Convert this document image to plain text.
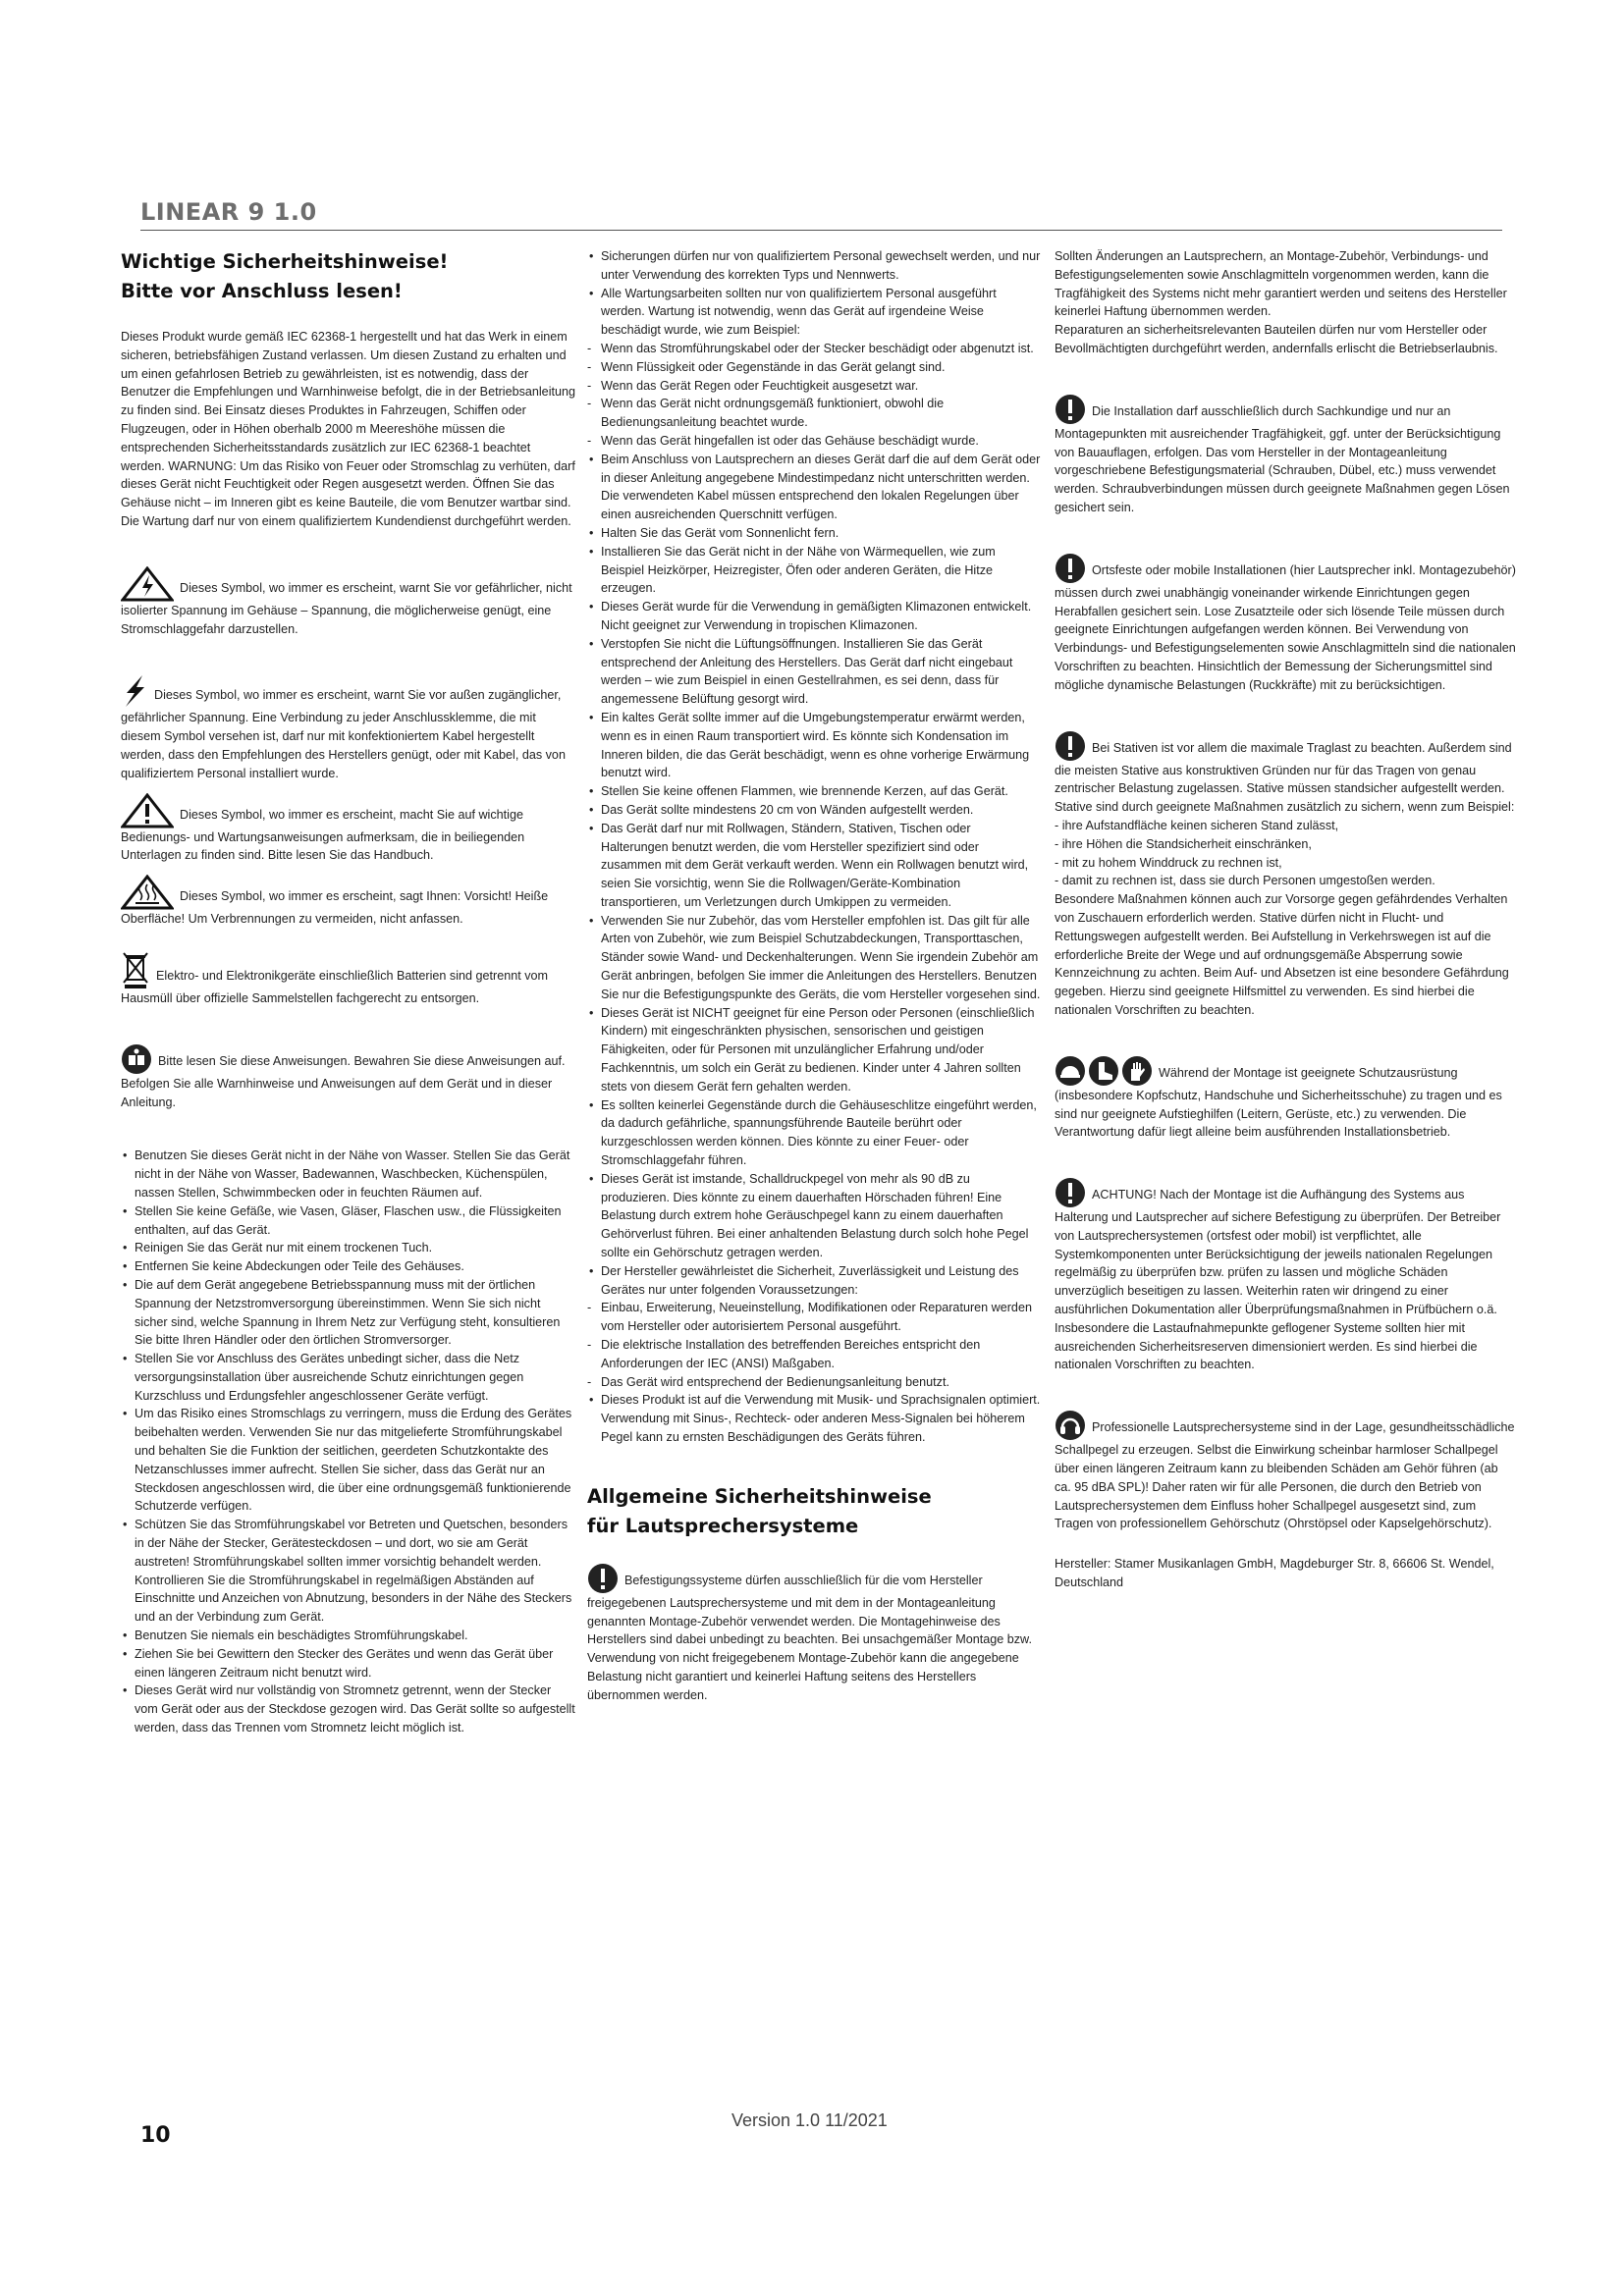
LINEAR 9 1.0
Wichtige Sicherheitshinweise!
Bitte vor Anschluss lesen!

Dieses Produkt wurde gemäß IEC 62368-1 hergestellt und hat das Werk in einem sicheren, betriebsfähigen Zustand verlassen. Um diesen Zustand zu erhalten und um einen gefahrlosen Betrieb zu gewährleisten, ist es notwendig, dass der Benutzer die Empfehlungen und Warnhinweise befolgt, die in der Betriebsanleitung zu finden sind. Bei Einsatz dieses Produktes in Fahrzeugen, Schiffen oder Flugzeugen, oder in Höhen oberhalb 2000 m Meereshöhe müssen die entsprechenden Sicherheitsstandards zusätzlich zur IEC 62368-1 beachtet werden. WARNUNG: Um das Risiko von Feuer oder Stromschlag zu verhüten, darf dieses Gerät nicht Feuchtigkeit oder Regen ausgesetzt werden. Öffnen Sie das Gehäuse nicht – im Inneren gibt es keine Bauteile, die vom Benutzer wartbar sind. Die Wartung darf nur von einem qualifiziertem Kundendienst durchgeführt werden.

Dieses Symbol, wo immer es erscheint, warnt Sie vor gefährlicher, nicht isolierter Spannung im Gehäuse – Spannung, die möglicherweise genügt, eine Stromschlaggefahr darzustellen.

Dieses Symbol, wo immer es erscheint, warnt Sie vor außen zugänglicher, gefährlicher Spannung. Eine Verbindung zu jeder Anschlussklemme, die mit diesem Symbol versehen ist, darf nur mit konfektioniertem Kabel hergestellt werden, dass den Empfehlungen des Herstellers genügt, oder mit Kabel, das von qualifiziertem Personal installiert wurde.

Dieses Symbol, wo immer es erscheint, macht Sie auf wichtige Bedienungs- und Wartungsanweisungen aufmerksam, die in beiliegenden Unterlagen zu finden sind. Bitte lesen Sie das Handbuch.

Dieses Symbol, wo immer es erscheint, sagt Ihnen: Vorsicht! Heiße Oberfläche! Um Verbrennungen zu vermeiden, nicht anfassen.

Elektro- und Elektronikgeräte einschließlich Batterien sind getrennt vom Hausmüll über offizielle Sammelstellen fachgerecht zu entsorgen.

Bitte lesen Sie diese Anweisungen. Bewahren Sie diese Anweisungen auf. Befolgen Sie alle Warnhinweise und Anweisungen auf dem Gerät und in dieser Anleitung.

• Benutzen Sie dieses Gerät nicht in der Nähe von Wasser. Stellen Sie das Gerät nicht in der Nähe von Wasser, Badewannen, Waschbecken, Küchenspülen, nassen Stellen, Schwimmbecken oder in feuchten Räumen auf.
• Stellen Sie keine Gefäße, wie Vasen, Gläser, Flaschen usw., die Flüssigkeiten enthalten, auf das Gerät.
• Reinigen Sie das Gerät nur mit einem trockenen Tuch.
• Entfernen Sie keine Abdeckungen oder Teile des Gehäuses.
• Die auf dem Gerät angegebene Betriebsspannung muss mit der örtlichen Spannung der Netzstromversorgung übereinstimmen. Wenn Sie sich nicht sicher sind, welche Spannung in Ihrem Netz zur Verfügung steht, konsultieren Sie bitte Ihren Händler oder den örtlichen Stromversorger.
• Stellen Sie vor Anschluss des Gerätes unbedingt sicher, dass die Netz versorgungsinstallation über ausreichende Schutz einrichtungen gegen Kurzschluss und Erdungsfehler angeschlossener Geräte verfügt.
• Um das Risiko eines Stromschlags zu verringern, muss die Erdung des Gerätes beibehalten werden. Verwenden Sie nur das mitgelieferte Stromführungskabel und behalten Sie die Funktion der seitlichen, geerdeten Schutzkontakte des Netzanschlusses immer aufrecht. Stellen Sie sicher, dass das Gerät nur an Steckdosen angeschlossen wird, die über eine ordnungsgemäß funktionierende Schutzerde verfügen.
• Schützen Sie das Stromführungskabel vor Betreten und Quetschen, besonders in der Nähe der Stecker, Gerätesteckdosen – und dort, wo sie am Gerät austreten! Stromführungskabel sollten immer vorsichtig behandelt werden. Kontrollieren Sie die Stromführungskabel in regelmäßigen Abständen auf Einschnitte und Anzeichen von Abnutzung, besonders in der Nähe des Steckers und an der Verbindung zum Gerät.
• Benutzen Sie niemals ein beschädigtes Stromführungskabel.
• Ziehen Sie bei Gewittern den Stecker des Gerätes und wenn das Gerät über einen längeren Zeitraum nicht benutzt wird.
• Dieses Gerät wird nur vollständig von Stromnetz getrennt, wenn der Stecker vom Gerät oder aus der Steckdose gezogen wird. Das Gerät sollte so aufgestellt werden, dass das Trennen vom Stromnetz leicht möglich ist.
• Sicherungen dürfen nur von qualifiziertem Personal gewechselt werden, und nur unter Verwendung des korrekten Typs und Nennwerts.
• Alle Wartungsarbeiten sollten nur von qualifiziertem Personal ausgeführt werden. Wartung ist notwendig, wenn das Gerät auf irgendeine Weise beschädigt wurde, wie zum Beispiel:
- Wenn das Stromführungskabel oder der Stecker beschädigt oder abgenutzt ist.
- Wenn Flüssigkeit oder Gegenstände in das Gerät gelangt sind.
- Wenn das Gerät Regen oder Feuchtigkeit ausgesetzt war.
- Wenn das Gerät nicht ordnungsgemäß funktioniert, obwohl die Bedienungsanleitung beachtet wurde.
- Wenn das Gerät hingefallen ist oder das Gehäuse beschädigt wurde.
• Beim Anschluss von Lautsprechern an dieses Gerät darf die auf dem Gerät oder in dieser Anleitung angegebene Mindestimpedanz nicht unterschritten werden. Die verwendeten Kabel müssen entsprechend den lokalen Regelungen über einen ausreichenden Querschnitt verfügen.
• Halten Sie das Gerät vom Sonnenlicht fern.
• Installieren Sie das Gerät nicht in der Nähe von Wärmequellen, wie zum Beispiel Heizkörper, Heizregister, Öfen oder anderen Geräten, die Hitze erzeugen.
• Dieses Gerät wurde für die Verwendung in gemäßigten Klimazonen entwickelt. Nicht geeignet zur Verwendung in tropischen Klimazonen.
• Verstopfen Sie nicht die Lüftungsöffnungen. Installieren Sie das Gerät entsprechend der Anleitung des Herstellers. Das Gerät darf nicht eingebaut werden – wie zum Beispiel in einen Gestellrahmen, es sei denn, dass für angemessene Belüftung gesorgt wird.
• Ein kaltes Gerät sollte immer auf die Umgebungstemperatur erwärmt werden, wenn es in einen Raum transportiert wird. Es könnte sich Kondensation im Inneren bilden, die das Gerät beschädigt, wenn es ohne vorherige Erwärmung benutzt wird.
• Stellen Sie keine offenen Flammen, wie brennende Kerzen, auf das Gerät.
• Das Gerät sollte mindestens 20 cm von Wänden aufgestellt werden.
• Das Gerät darf nur mit Rollwagen, Ständern, Stativen, Tischen oder Halterungen benutzt werden, die vom Hersteller spezifiziert sind oder zusammen mit dem Gerät verkauft werden. Wenn ein Rollwagen benutzt wird, seien Sie vorsichtig, wenn Sie die Rollwagen/Geräte-Kombination transportieren, um Verletzungen durch Umkippen zu vermeiden.
• Verwenden Sie nur Zubehör, das vom Hersteller empfohlen ist. Das gilt für alle Arten von Zubehör, wie zum Beispiel Schutzabdeckungen, Transporttaschen, Ständer sowie Wand- und Deckenhalterungen. Wenn Sie irgendein Zubehör am Gerät anbringen, befolgen Sie immer die Anleitungen des Herstellers. Benutzen Sie nur die Befestigungspunkte des Geräts, die vom Hersteller vorgesehen sind.
• Dieses Gerät ist NICHT geeignet für eine Person oder Personen (einschließlich Kindern) mit eingeschränkten physischen, sensorischen und geistigen Fähigkeiten, oder für Personen mit unzulänglicher Erfahrung und/oder Fachkenntnis, um solch ein Gerät zu bedienen. Kinder unter 4 Jahren sollten stets von diesem Gerät fern gehalten werden.
• Es sollten keinerlei Gegenstände durch die Gehäuseschlitze eingeführt werden, da dadurch gefährliche, spannungsführende Bauteile berührt oder kurzgeschlossen werden können. Dies könnte zu einer Feuer- oder Stromschlaggefahr führen.
• Dieses Gerät ist imstande, Schalldruckpegel von mehr als 90 dB zu produzieren. Dies könnte zu einem dauerhaften Hörschaden führen! Eine Belastung durch extrem hohe Geräuschpegel kann zu einem dauerhaften Gehörverlust führen. Bei einer anhaltenden Belastung durch solch hohe Pegel sollte ein Gehörschutz getragen werden.
• Der Hersteller gewährleistet die Sicherheit, Zuverlässigkeit und Leistung des Gerätes nur unter folgenden Voraussetzungen:
- Einbau, Erweiterung, Neueinstellung, Modifikationen oder Reparaturen werden vom Hersteller oder autorisiertem Personal ausgeführt.
- Die elektrische Installation des betreffenden Bereiches entspricht den Anforderungen der IEC (ANSI) Maßgaben.
- Das Gerät wird entsprechend der Bedienungsanleitung benutzt.
• Dieses Produkt ist auf die Verwendung mit Musik- und Sprachsignalen optimiert. Verwendung mit Sinus-, Rechteck- oder anderen Mess-Signalen bei höherem Pegel kann zu ernsten Beschädigungen des Geräts führen.
Allgemeine Sicherheitshinweise
für Lautsprechersysteme

Befestigungssysteme dürfen ausschließlich für die vom Hersteller freigegebenen Lautsprechersysteme und mit dem in der Montageanleitung genannten Montage-Zubehör verwendet werden. Die Montagehinweise des Herstellers sind dabei unbedingt zu beachten. Bei unsachgemäßer Montage bzw. Verwendung von nicht freigegebenem Montage-Zubehör kann die angegebene Belastung nicht garantiert und keinerlei Haftung seitens des Herstellers übernommen werden.

Sollten Änderungen an Lautsprechern, an Montage-Zubehör, Verbindungs- und Befestigungselementen sowie Anschlagmitteln vorgenommen werden, kann die Tragfähigkeit des Systems nicht mehr garantiert werden und seitens des Hersteller keinerlei Haftung übernommen werden.

Reparaturen an sicherheitsrelevanten Bauteilen dürfen nur vom Hersteller oder Bevollmächtigten durchgeführt werden, andernfalls erlischt die Betriebserlaubnis.

Die Installation darf ausschließlich durch Sachkundige und nur an Montagepunkten mit ausreichender Tragfähigkeit, ggf. unter der Berücksichtigung von Bauauflagen, erfolgen. Das vom Hersteller in der Montageanleitung vorgeschriebene Befestigungsmaterial (Schrauben, Dübel, etc.) muss verwendet werden. Schraubverbindungen müssen durch geeignete Maßnahmen gegen Lösen gesichert sein.

Ortsfeste oder mobile Installationen (hier Lautsprecher inkl. Montagezubehör) müssen durch zwei unabhängig voneinander wirkende Einrichtungen gegen Herabfallen gesichert sein. Lose Zusatzteile oder sich lösende Teile müssen durch geeignete Einrichtungen aufgefangen werden können. Bei Verwendung von Verbindungs- und Befestigungselementen sowie Anschlagmitteln sind die nationalen Vorschriften zu beachten. Hinsichtlich der Bemessung der Sicherungsmittel sind mögliche dynamische Belastungen (Ruckkräfte) mit zu berücksichtigen.

Bei Stativen ist vor allem die maximale Traglast zu beachten. Außerdem sind die meisten Stative aus konstruktiven Gründen nur für das Tragen von genau zentrischer Belastung zugelassen. Stative müssen standsicher aufgestellt werden. Stative sind durch geeignete Maßnahmen zusätzlich zu sichern, wenn zum Beispiel:

- ihre Aufstandfläche keinen sicheren Stand zulässt,

- ihre Höhen die Standsicherheit einschränken,

- mit zu hohem Winddruck zu rechnen ist,

- damit zu rechnen ist, dass sie durch Personen umgestoßen werden.

Besondere Maßnahmen können auch zur Vorsorge gegen gefährdendes Verhalten von Zuschauern erforderlich werden. Stative dürfen nicht in Flucht- und Rettungswegen aufgestellt werden. Bei Aufstellung in Verkehrswegen ist auf die erforderliche Breite der Wege und auf ordnungsgemäße Absperrung sowie Kennzeichnung zu achten. Beim Auf- und Absetzen ist eine besondere Gefährdung gegeben. Hierzu sind geeignete Hilfsmittel zu verwenden. Es sind hierbei die nationalen Vorschriften zu beachten.

Während der Montage ist geeignete Schutzausrüstung (insbesondere Kopfschutz, Handschuhe und Sicherheitsschuhe) zu tragen und es sind nur geeignete Aufstieghilfen (Leitern, Gerüste, etc.) zu verwenden. Die Verantwortung dafür liegt alleine beim ausführenden Installationsbetrieb.

ACHTUNG! Nach der Montage ist die Aufhängung des Systems aus Halterung und Lautsprecher auf sichere Befestigung zu überprüfen. Der Betreiber von Lautsprechersystemen (ortsfest oder mobil) ist verpflichtet, alle Systemkomponenten unter Berücksichtigung der jeweils nationalen Regelungen regelmäßig zu überprüfen bzw. prüfen zu lassen und mögliche Schäden unverzüglich beseitigen zu lassen. Weiterhin raten wir dringend zu einer ausführlichen Dokumentation aller Überprüfungsmaßnahmen in Prüfbüchern o.ä.

Insbesondere die Lastaufnahmepunkte geflogener Systeme sollten hier mit ausreichenden Sicherheitsreserven dimensioniert werden. Es sind hierbei die nationalen Vorschriften zu beachten.

Professionelle Lautsprechersysteme sind in der Lage, gesundheitsschädliche Schallpegel zu erzeugen. Selbst die Einwirkung scheinbar harmloser Schallpegel über einen längeren Zeitraum kann zu bleibenden Schäden am Gehör führen (ab ca. 95 dBA SPL)! Daher raten wir für alle Personen, die durch den Betrieb von Lautsprechersystemen dem Einfluss hoher Schallpegel ausgesetzt sind, zum Tragen von professionellem Gehörschutz (Ohrstöpsel oder Kapselgehörschutz).

Hersteller: Stamer Musikanlagen GmbH, Magdeburger Str. 8, 66606 St. Wendel, Deutschland

10
Version 1.0 11/2021
